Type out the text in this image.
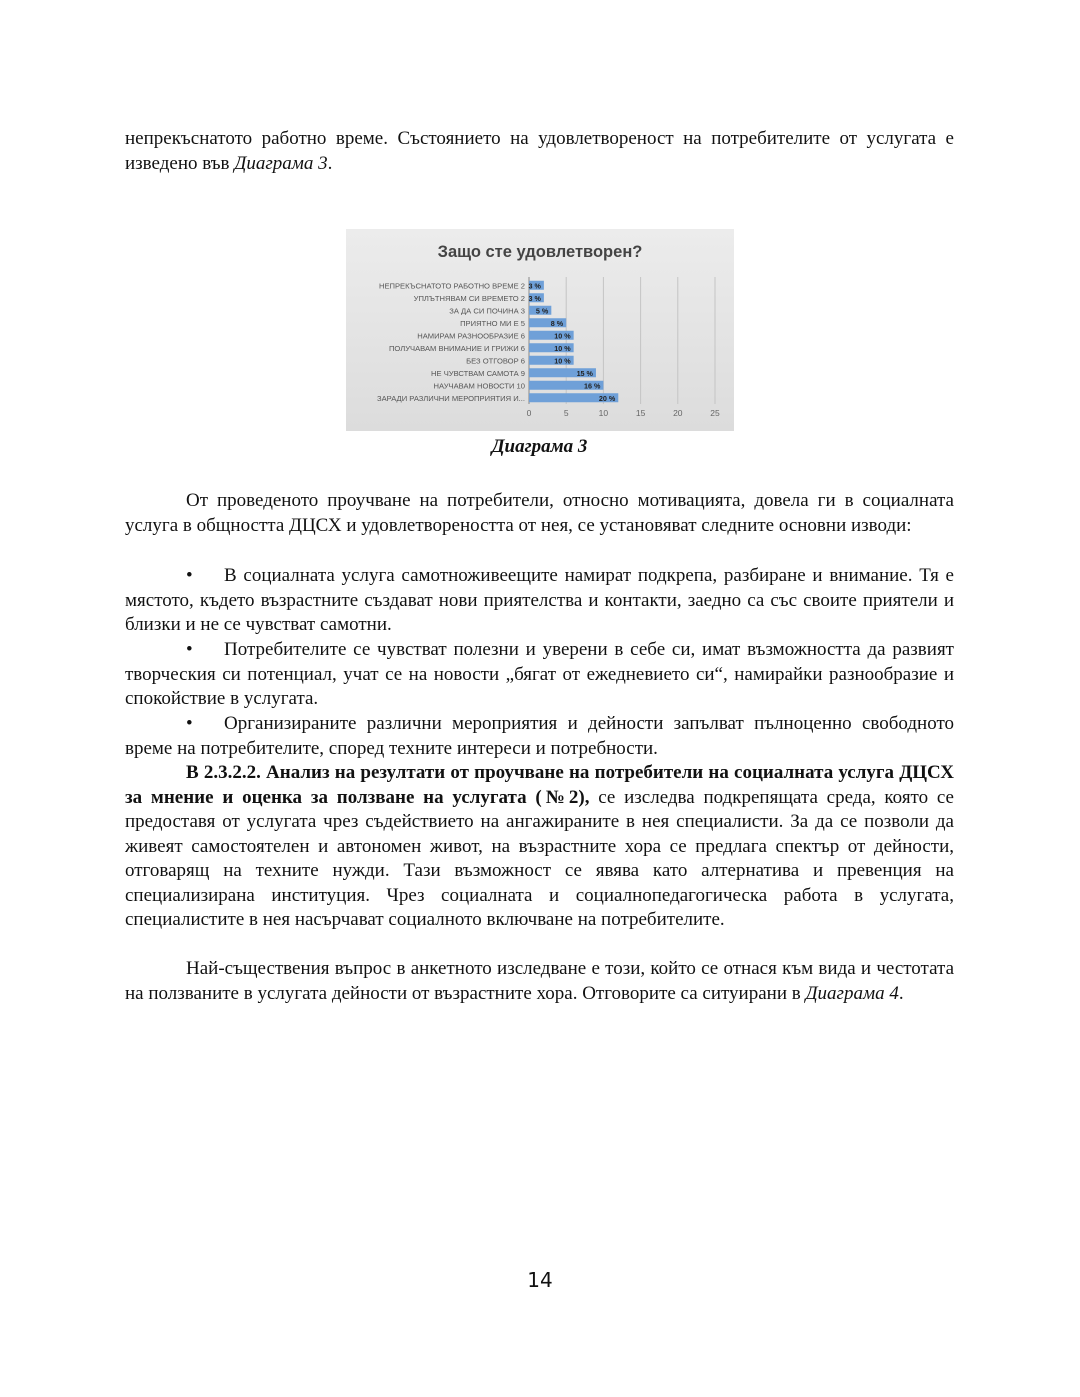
непрекъснатото работно време. Състоянието на удовлетвореност на потребителите от услугата е изведено във Диаграма 3.

Защо сте удовлетворен?
НЕПРЕКЪСНАТОТО РАБОТНО ВРЕМЕ 2 3 %
УПЛЪТНЯВАМ СИ ВРЕМЕТО 2 3 %
ЗА ДА СИ ПОЧИНА 3 5 %
ПРИЯТНО МИ Е 5	8 %
НАМИРАМ РАЗНООБРАЗИЕ 6	10 %
ПОЛУЧАВАМ ВНИМАНИЕ И ГРИЖИ 6	10 %
БЕЗ ОТГОВОР 6	10 %
НЕ ЧУВСТВАМ САМОТА 9	15 %
НАУЧАВАМ НОВОСТИ 10	16 %
ЗАРАДИ РАЗЛИЧНИ МЕРОПРИЯТИЯ И...	20 %
0	5	10	15	20	25

Диаграма 3

От проведеното проучване на потребители, относно мотивацията, довела ги в социалната услуга в общността ДЦСХ и удовлетвореността от нея, се установяват следните основни изводи:

• В социалната услуга самотноживеещите намират подкрепа, разбиране и внимание. Тя е мястото, където възрастните създават нови приятелства и контакти, заедно са със своите приятели и близки и не се чувстват самотни.

• Потребителите се чувстват полезни и уверени в себе си, имат възможността да развият творческия си потенциал, учат се на новости „бягат от ежедневието си“, намирайки разнообразие и спокойствие в услугата.

• Организираните различни мероприятия и дейности запълват пълноценно свободното време на потребителите, според техните интереси и потребности.

В 2.3.2.2. Анализ на резултати от проучване на потребители на социалната услуга ДЦСХ за мнение и оценка за ползване на услугата (№2), се изследва подкрепящата среда, която се предоставя от услугата чрез съдействието на ангажираните в нея специалисти. За да се позволи да живеят самостоятелен и автономен живот, на възрастните хора се предлага спектър от дейности, отговарящ на техните нужди. Тази възможност се явява като алтернатива и превенция на специализирана институция. Чрез социалната и социалнопедагогическа работа в услугата, специалистите в нея насърчават социалното включване на потребителите.

Най-съществения въпрос в анкетното изследване е този, който се отнася към вида и честотата на ползваните в услугата дейности от възрастните хора. Отговорите са ситуирани в Диаграма 4.

14
